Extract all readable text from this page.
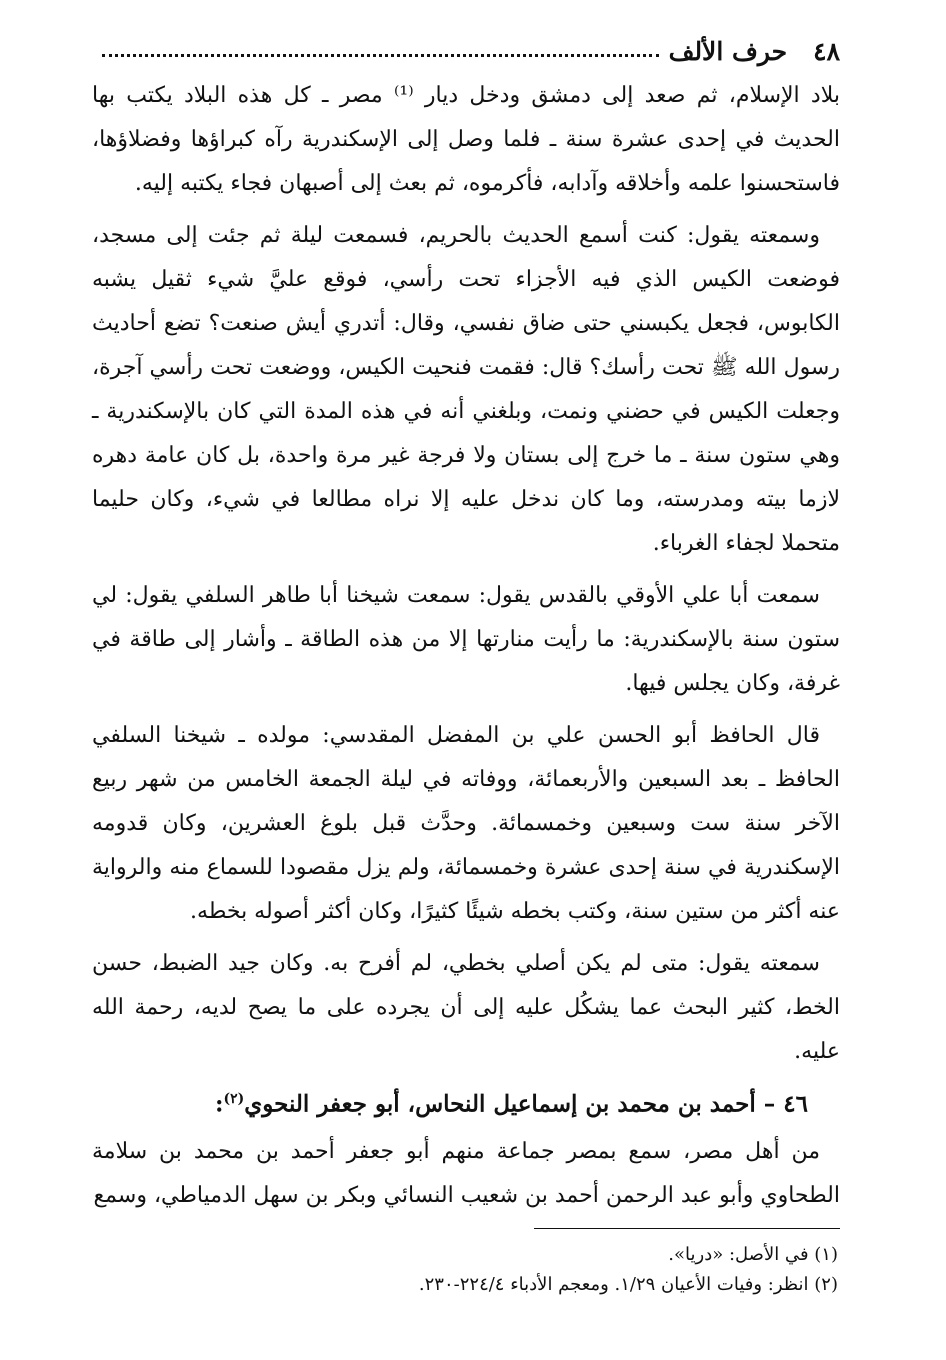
٤٨
حرف الألف

بلاد الإسلام، ثم صعد إلى دمشق ودخل ديار ⁽¹⁾ مصر ـ كل هذه البلاد يكتب بها الحديث في إحدى عشرة سنة ـ فلما وصل إلى الإسكندرية رآه كبراؤها وفضلاؤها، فاستحسنوا علمه وأخلاقه وآدابه، فأكرموه، ثم بعث إلى أصبهان فجاء يكتبه إليه.

وسمعته يقول: كنت أسمع الحديث بالحريم، فسمعت ليلة ثم جئت إلى مسجد، فوضعت الكيس الذي فيه الأجزاء تحت رأسي، فوقع عليَّ شيء ثقيل يشبه الكابوس، فجعل يكبسني حتى ضاق نفسي، وقال: أتدري أيش صنعت؟ تضع أحاديث رسول الله ﷺ تحت رأسك؟ قال: فقمت فنحيت الكيس، ووضعت تحت رأسي آجرة، وجعلت الكيس في حضني ونمت، وبلغني أنه في هذه المدة التي كان بالإسكندرية ـ وهي ستون سنة ـ ما خرج إلى بستان ولا فرجة غير مرة واحدة، بل كان عامة دهره لازما بيته ومدرسته، وما كان ندخل عليه إلا نراه مطالعا في شيء، وكان حليما متحملا لجفاء الغرباء.

سمعت أبا علي الأوقي بالقدس يقول: سمعت شيخنا أبا طاهر السلفي يقول: لي ستون سنة بالإسكندرية: ما رأيت منارتها إلا من هذه الطاقة ـ وأشار إلى طاقة في غرفة، وكان يجلس فيها.

قال الحافظ أبو الحسن علي بن المفضل المقدسي: مولده ـ شيخنا السلفي الحافظ ـ بعد السبعين والأربعمائة، ووفاته في ليلة الجمعة الخامس من شهر ربيع الآخر سنة ست وسبعين وخمسمائة. وحدَّث قبل بلوغ العشرين، وكان قدومه الإسكندرية في سنة إحدى عشرة وخمسمائة، ولم يزل مقصودا للسماع منه والرواية عنه أكثر من ستين سنة، وكتب بخطه شيئًا كثيرًا، وكان أكثر أصوله بخطه.

سمعته يقول: متى لم يكن أصلي بخطي، لم أفرح به. وكان جيد الضبط، حسن الخط، كثير البحث عما يشكُل عليه إلى أن يجرده على ما يصح لديه، رحمة الله عليه.

٤٦ – أحمد بن محمد بن إسماعيل النحاس، أبو جعفر النحوي$^{(٢)}$:

من أهل مصر، سمع بمصر جماعة منهم أبو جعفر أحمد بن محمد بن سلامة الطحاوي وأبو عبد الرحمن أحمد بن شعيب النسائي وبكر بن سهل الدمياطي، وسمع

(١) في الأصل: «دريا».
(٢) انظر: وفيات الأعيان ١/٢٩. ومعجم الأدباء ٢٢٤/٤-٢٣٠.
